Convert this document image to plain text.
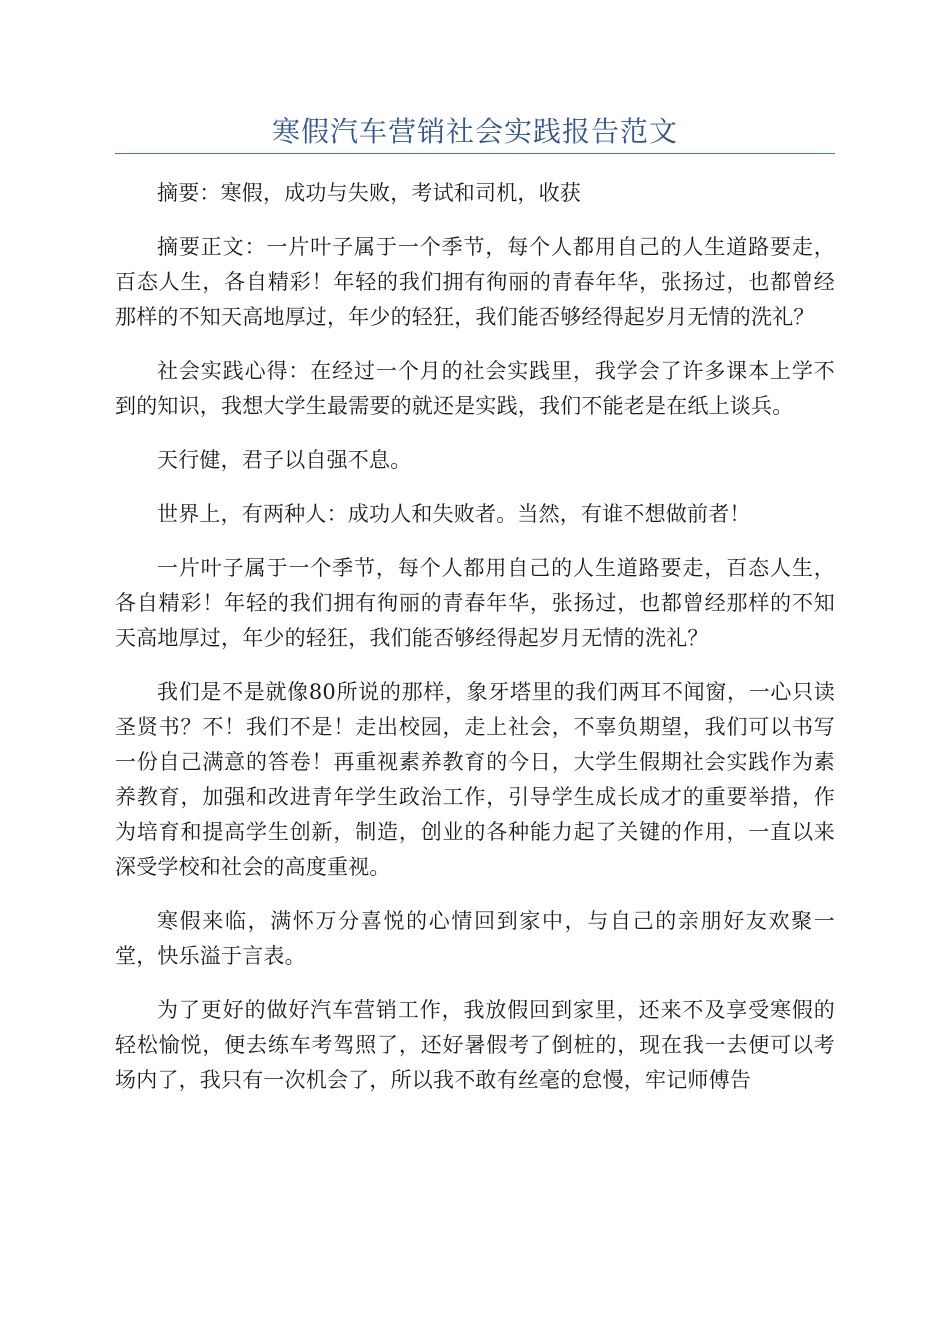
寒假汽车营销社会实践报告范文

摘要：寒假，成功与失败，考试和司机，收获

摘要正文：一片叶子属于一个季节，每个人都用自己的人生道路要走，百态人生，各自精彩！年轻的我们拥有徇丽的青春年华，张扬过，也都曾经那样的不知天高地厚过，年少的轻狂，我们能否够经得起岁月无情的洗礼？

社会实践心得：在经过一个月的社会实践里，我学会了许多课本上学不到的知识，我想大学生最需要的就还是实践，我们不能老是在纸上谈兵。

天行健，君子以自强不息。

世界上，有两种人：成功人和失败者。当然，有谁不想做前者！

一片叶子属于一个季节，每个人都用自己的人生道路要走，百态人生，各自精彩！年轻的我们拥有徇丽的青春年华，张扬过，也都曾经那样的不知天高地厚过，年少的轻狂，我们能否够经得起岁月无情的洗礼？

我们是不是就像80所说的那样，象牙塔里的我们两耳不闻窗，一心只读圣贤书？不！我们不是！走出校园，走上社会，不辜负期望，我们可以书写一份自己满意的答卷！再重视素养教育的今日，大学生假期社会实践作为素养教育，加强和改进青年学生政治工作，引导学生成长成才的重要举措，作为培育和提高学生创新，制造，创业的各种能力起了关键的作用，一直以来深受学校和社会的高度重视。

寒假来临，满怀万分喜悦的心情回到家中，与自己的亲朋好友欢聚一堂，快乐溢于言表。

为了更好的做好汽车营销工作，我放假回到家里，还来不及享受寒假的轻松愉悦，便去练车考驾照了，还好暑假考了倒桩的，现在我一去便可以考场内了，我只有一次机会了，所以我不敢有丝毫的怠慢，牢记师傅告
